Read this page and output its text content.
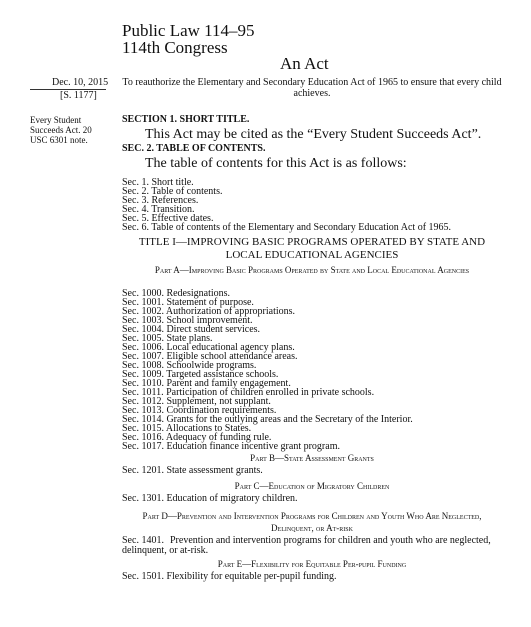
Public Law 114–95
114th Congress
An Act
Dec. 10, 2015
[S. 1177]
To reauthorize the Elementary and Secondary Education Act of 1965 to ensure that every child achieves.
Every Student Succeeds Act. 20 USC 6301 note.
SECTION 1. SHORT TITLE.
This Act may be cited as the “Every Student Succeeds Act”.
SEC. 2. TABLE OF CONTENTS.
The table of contents for this Act is as follows:
Sec. 1. Short title.
Sec. 2. Table of contents.
Sec. 3. References.
Sec. 4. Transition.
Sec. 5. Effective dates.
Sec. 6. Table of contents of the Elementary and Secondary Education Act of 1965.
TITLE I—IMPROVING BASIC PROGRAMS OPERATED BY STATE AND LOCAL EDUCATIONAL AGENCIES
Part A—Improving Basic Programs Operated by State and Local Educational Agencies
Sec. 1000. Redesignations.
Sec. 1001. Statement of purpose.
Sec. 1002. Authorization of appropriations.
Sec. 1003. School improvement.
Sec. 1004. Direct student services.
Sec. 1005. State plans.
Sec. 1006. Local educational agency plans.
Sec. 1007. Eligible school attendance areas.
Sec. 1008. Schoolwide programs.
Sec. 1009. Targeted assistance schools.
Sec. 1010. Parent and family engagement.
Sec. 1011. Participation of children enrolled in private schools.
Sec. 1012. Supplement, not supplant.
Sec. 1013. Coordination requirements.
Sec. 1014. Grants for the outlying areas and the Secretary of the Interior.
Sec. 1015. Allocations to States.
Sec. 1016. Adequacy of funding rule.
Sec. 1017. Education finance incentive grant program.
Part B—State Assessment Grants
Sec. 1201. State assessment grants.
Part C—Education of Migratory Children
Sec. 1301. Education of migratory children.
Part D—Prevention and Intervention Programs for Children and Youth Who Are Neglected, Delinquent, or At-risk
Sec. 1401. Prevention and intervention programs for children and youth who are neglected, delinquent, or at-risk.
Part E—Flexibility for Equitable Per-pupil Funding
Sec. 1501. Flexibility for equitable per-pupil funding.
